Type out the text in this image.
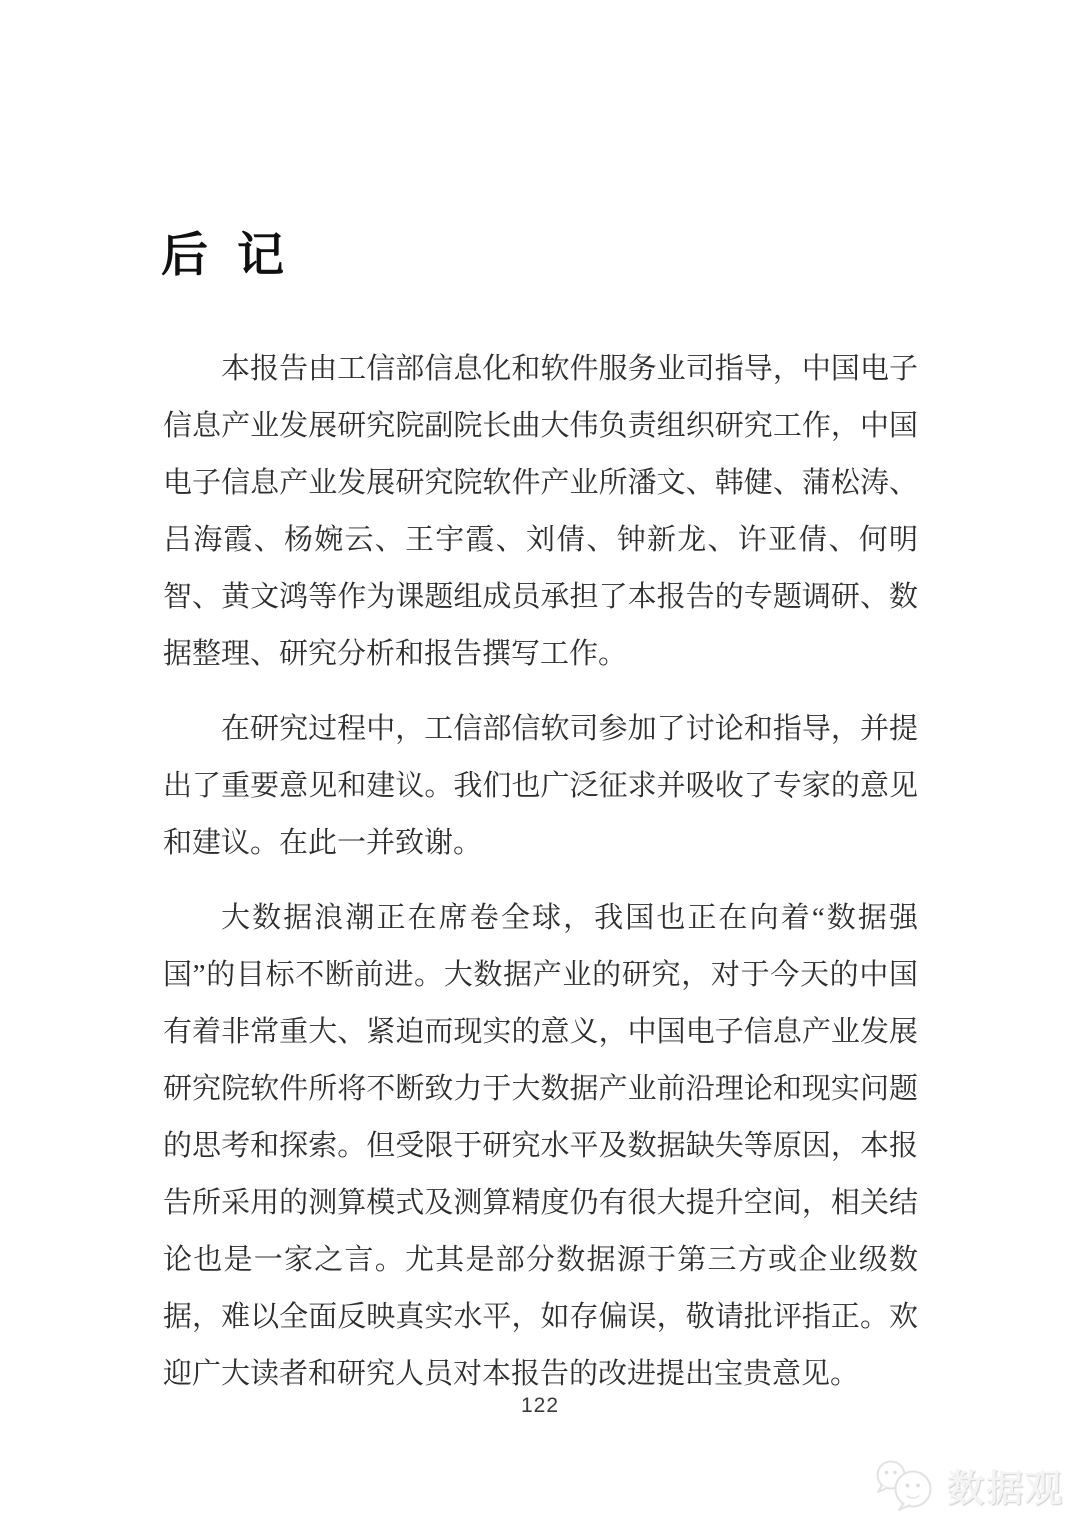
后 记

本报告由工信部信息化和软件服务业司指导，中国电子信息产业发展研究院副院长曲大伟负责组织研究工作，中国电子信息产业发展研究院软件产业所潘文、韩健、蒲松涛、吕海霞、杨婉云、王宇霞、刘倩、钟新龙、许亚倩、何明智、黄文鸿等作为课题组成员承担了本报告的专题调研、数据整理、研究分析和报告撰写工作。

在研究过程中，工信部信软司参加了讨论和指导，并提出了重要意见和建议。我们也广泛征求并吸收了专家的意见和建议。在此一并致谢。

大数据浪潮正在席卷全球，我国也正在向着“数据强国”的目标不断前进。大数据产业的研究，对于今天的中国有着非常重大、紧迫而现实的意义，中国电子信息产业发展研究院软件所将不断致力于大数据产业前沿理论和现实问题的思考和探索。但受限于研究水平及数据缺失等原因，本报告所采用的测算模式及测算精度仍有很大提升空间，相关结论也是一家之言。尤其是部分数据源于第三方或企业级数据，难以全面反映真实水平，如存偏误，敬请批评指正。欢迎广大读者和研究人员对本报告的改进提出宝贵意见。

122
数据观
